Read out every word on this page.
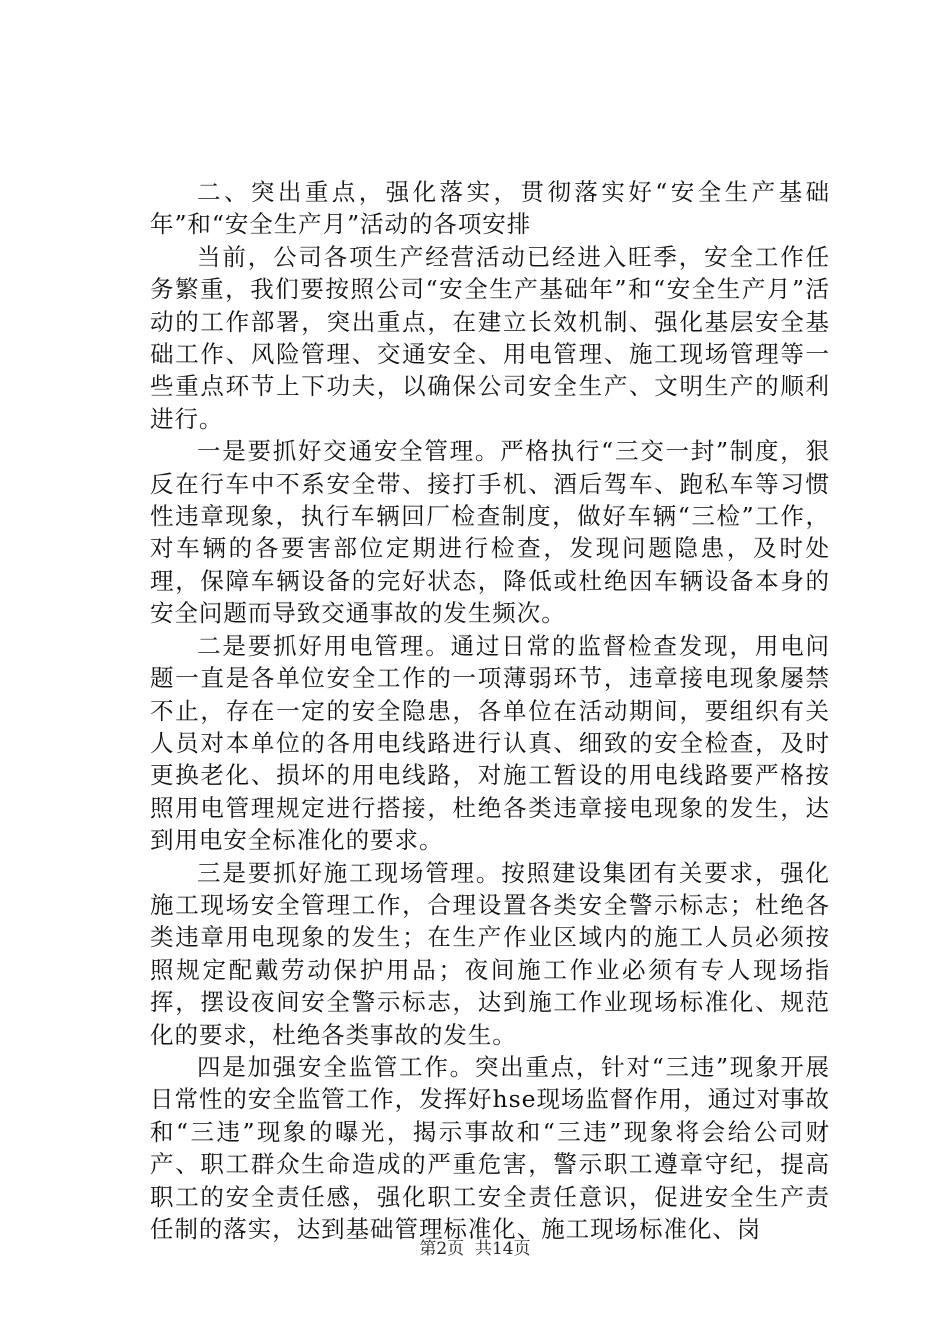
二、突出重点，强化落实，贯彻落实好“安全生产基础年”和“安全生产月”活动的各项安排

当前，公司各项生产经营活动已经进入旺季，安全工作任务繁重，我们要按照公司“安全生产基础年”和“安全生产月”活动的工作部署，突出重点，在建立长效机制、强化基层安全基础工作、风险管理、交通安全、用电管理、施工现场管理等一些重点环节上下功夫，以确保公司安全生产、文明生产的顺利进行。

一是要抓好交通安全管理。严格执行“三交一封”制度，狠反在行车中不系安全带、接打手机、酒后驾车、跑私车等习惯性违章现象，执行车辆回厂检查制度，做好车辆“三检”工作，对车辆的各要害部位定期进行检查，发现问题隐患，及时处理，保障车辆设备的完好状态，降低或杜绝因车辆设备本身的安全问题而导致交通事故的发生频次。

二是要抓好用电管理。通过日常的监督检查发现，用电问题一直是各单位安全工作的一项薄弱环节，违章接电现象屡禁不止，存在一定的安全隐患，各单位在活动期间，要组织有关人员对本单位的各用电线路进行认真、细致的安全检查，及时更换老化、损坏的用电线路，对施工暂设的用电线路要严格按照用电管理规定进行搭接，杜绝各类违章接电现象的发生，达到用电安全标准化的要求。

三是要抓好施工现场管理。按照建设集团有关要求，强化施工现场安全管理工作，合理设置各类安全警示标志；杜绝各类违章用电现象的发生；在生产作业区域内的施工人员必须按照规定配戴劳动保护用品；夜间施工作业必须有专人现场指挥，摆设夜间安全警示标志，达到施工作业现场标准化、规范化的要求，杜绝各类事故的发生。

四是加强安全监管工作。突出重点，针对“三违”现象开展日常性的安全监管工作，发挥好hse现场监督作用，通过对事故和“三违”现象的曝光，揭示事故和“三违”现象将会给公司财产、职工群众生命造成的严重危害，警示职工遵章守纪，提高职工的安全责任感，强化职工安全责任意识，促进安全生产责任制的落实，达到基础管理标准化、施工现场标准化、岗

第2页  共14页
